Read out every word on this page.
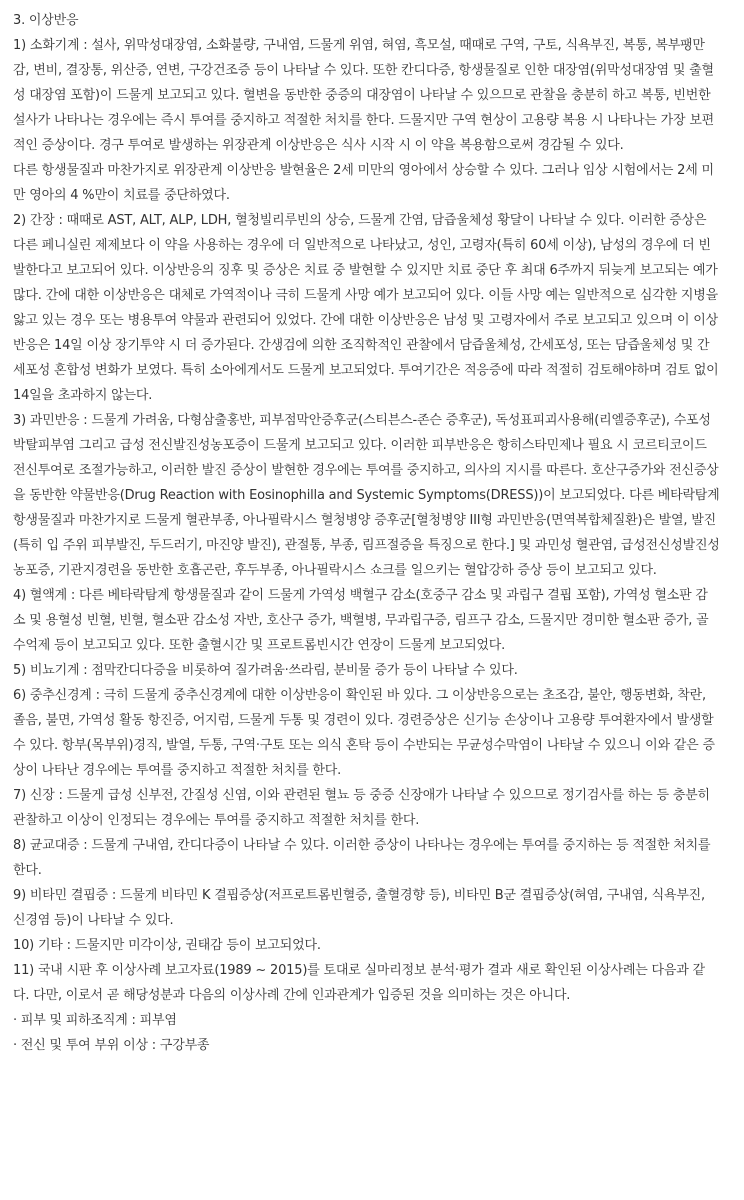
3. 이상반응

1) 소화기계 : 설사, 위막성대장염, 소화불량, 구내염, 드물게 위염, 혀염, 흑모설, 때때로 구역, 구토, 식욕부진, 복통, 복부팽만감, 변비, 결장통, 위산증, 연변, 구강건조증 등이 나타날 수 있다. 또한 칸디다증, 항생물질로 인한 대장염(위막성대장염 및 출혈성 대장염 포함)이 드물게 보고되고 있다. 혈변을 동반한 중증의 대장염이 나타날 수 있으므로 관찰을 충분히 하고 복통, 빈번한 설사가 나타나는 경우에는 즉시 투여를 중지하고 적절한 처치를 한다. 드물지만 구역 현상이 고용량 복용 시 나타나는 가장 보편적인 증상이다. 경구 투여로 발생하는 위장관계 이상반응은 식사 시작 시 이 약을 복용함으로써 경감될 수 있다.

다른 항생물질과 마찬가지로 위장관계 이상반응 발현율은 2세 미만의 영아에서 상승할 수 있다. 그러나 임상 시험에서는 2세 미만 영아의 4 %만이 치료를 중단하였다.

2) 간장 : 때때로 AST, ALT, ALP, LDH, 혈청빌리루빈의 상승, 드물게 간염, 담즙울체성 황달이 나타날 수 있다. 이러한 증상은 다른 페니실린 제제보다 이 약을 사용하는 경우에 더 일반적으로 나타났고, 성인, 고령자(특히 60세 이상), 남성의 경우에 더 빈발한다고 보고되어 있다. 이상반응의 징후 및 증상은 치료 중 발현할 수 있지만 치료 중단 후 최대 6주까지 뒤늦게 보고되는 예가 많다. 간에 대한 이상반응은 대체로 가역적이나 극히 드물게 사망 예가 보고되어 있다. 이들 사망 예는 일반적으로 심각한 지병을 앓고 있는 경우 또는 병용투여 약물과 관련되어 있었다. 간에 대한 이상반응은 남성 및 고령자에서 주로 보고되고 있으며 이 이상반응은 14일 이상 장기투약 시 더 증가된다. 간생검에 의한 조직학적인 관찰에서 담즙울체성, 간세포성, 또는 담즙울체성 및 간세포성 혼합성 변화가 보였다. 특히 소아에게서도 드물게 보고되었다. 투여기간은 적응증에 따라 적절히 검토해야하며 검토 없이 14일을 초과하지 않는다.

3) 과민반응 : 드물게 가려움, 다형삼출홍반, 피부점막안증후군(스티븐스-존슨 증후군), 독성표피괴사용해(리엘증후군), 수포성박탈피부염 그리고 급성 전신발진성농포증이 드물게 보고되고 있다. 이러한 피부반응은 항히스타민제나 필요 시 코르티코이드 전신투여로 조절가능하고, 이러한 발진 증상이 발현한 경우에는 투여를 중지하고, 의사의 지시를 따른다. 호산구증가와 전신증상을 동반한 약물반응(Drug Reaction with Eosinophilla and Systemic Symptoms(DRESS))이 보고되었다. 다른 베타락탐계 항생물질과 마찬가지로 드물게 혈관부종, 아나필락시스 혈청병양 증후군[혈청병양 III형 과민반응(면역복합체질환)은 발열, 발진(특히 입 주위 피부발진, 두드러기, 마진양 발진), 관절통, 부종, 림프절증을 특징으로 한다.] 및 과민성 혈관염, 급성전신성발진성농포증, 기관지경련을 동반한 호흡곤란, 후두부종, 아나필락시스 쇼크를 일으키는 혈압강하 증상 등이 보고되고 있다.

4) 혈액계 : 다른 베타락탐계 항생물질과 같이 드물게 가역성 백혈구 감소(호중구 감소 및 과립구 결핍 포함), 가역성 혈소판 감소 및 용혈성 빈혈, 빈혈, 혈소판 감소성 자반, 호산구 증가, 백혈병, 무과립구증, 림프구 감소, 드물지만 경미한 혈소판 증가, 골수억제 등이 보고되고 있다. 또한 출혈시간 및 프로트롬빈시간 연장이 드물게 보고되었다.

5) 비뇨기계 : 점막칸디다증을 비롯하여 질가려움·쓰라림, 분비물 증가 등이 나타날 수 있다.

6) 중추신경계 : 극히 드물게 중추신경계에 대한 이상반응이 확인된 바 있다. 그 이상반응으로는 초조감, 불안, 행동변화, 착란, 졸음, 불면, 가역성 활동 항진증, 어지럼, 드물게 두통 및 경련이 있다. 경련증상은 신기능 손상이나 고용량 투여환자에서 발생할 수 있다. 항부(목부위)경직, 발열, 두통, 구역·구토 또는 의식 혼탁 등이 수반되는 무균성수막염이 나타날 수 있으니 이와 같은 증상이 나타난 경우에는 투여를 중지하고 적절한 처치를 한다.

7) 신장 : 드물게 급성 신부전, 간질성 신염, 이와 관련된 혈뇨 등 중증 신장애가 나타날 수 있으므로 정기검사를 하는 등 충분히 관찰하고 이상이 인정되는 경우에는 투여를 중지하고 적절한 처치를 한다.

8) 균교대증 : 드물게 구내염, 칸디다증이 나타날 수 있다. 이러한 증상이 나타나는 경우에는 투여를 중지하는 등 적절한 처치를 한다.

9) 비타민 결핍증 : 드물게 비타민 K 결핍증상(저프로트롬빈혈증, 출혈경향 등), 비타민 B군 결핍증상(혀염, 구내염, 식욕부진, 신경염 등)이 나타날 수 있다.

10) 기타 : 드물지만 미각이상, 권태감 등이 보고되었다.

11) 국내 시판 후 이상사례 보고자료(1989 ~ 2015)를 토대로 실마리정보 분석·평가 결과 새로 확인된 이상사례는 다음과 같다. 다만, 이로서 곧 해당성분과 다음의 이상사례 간에 인과관계가 입증된 것을 의미하는 것은 아니다.

· 피부 및 피하조직계 : 피부염

· 전신 및 투여 부위 이상 : 구강부종
